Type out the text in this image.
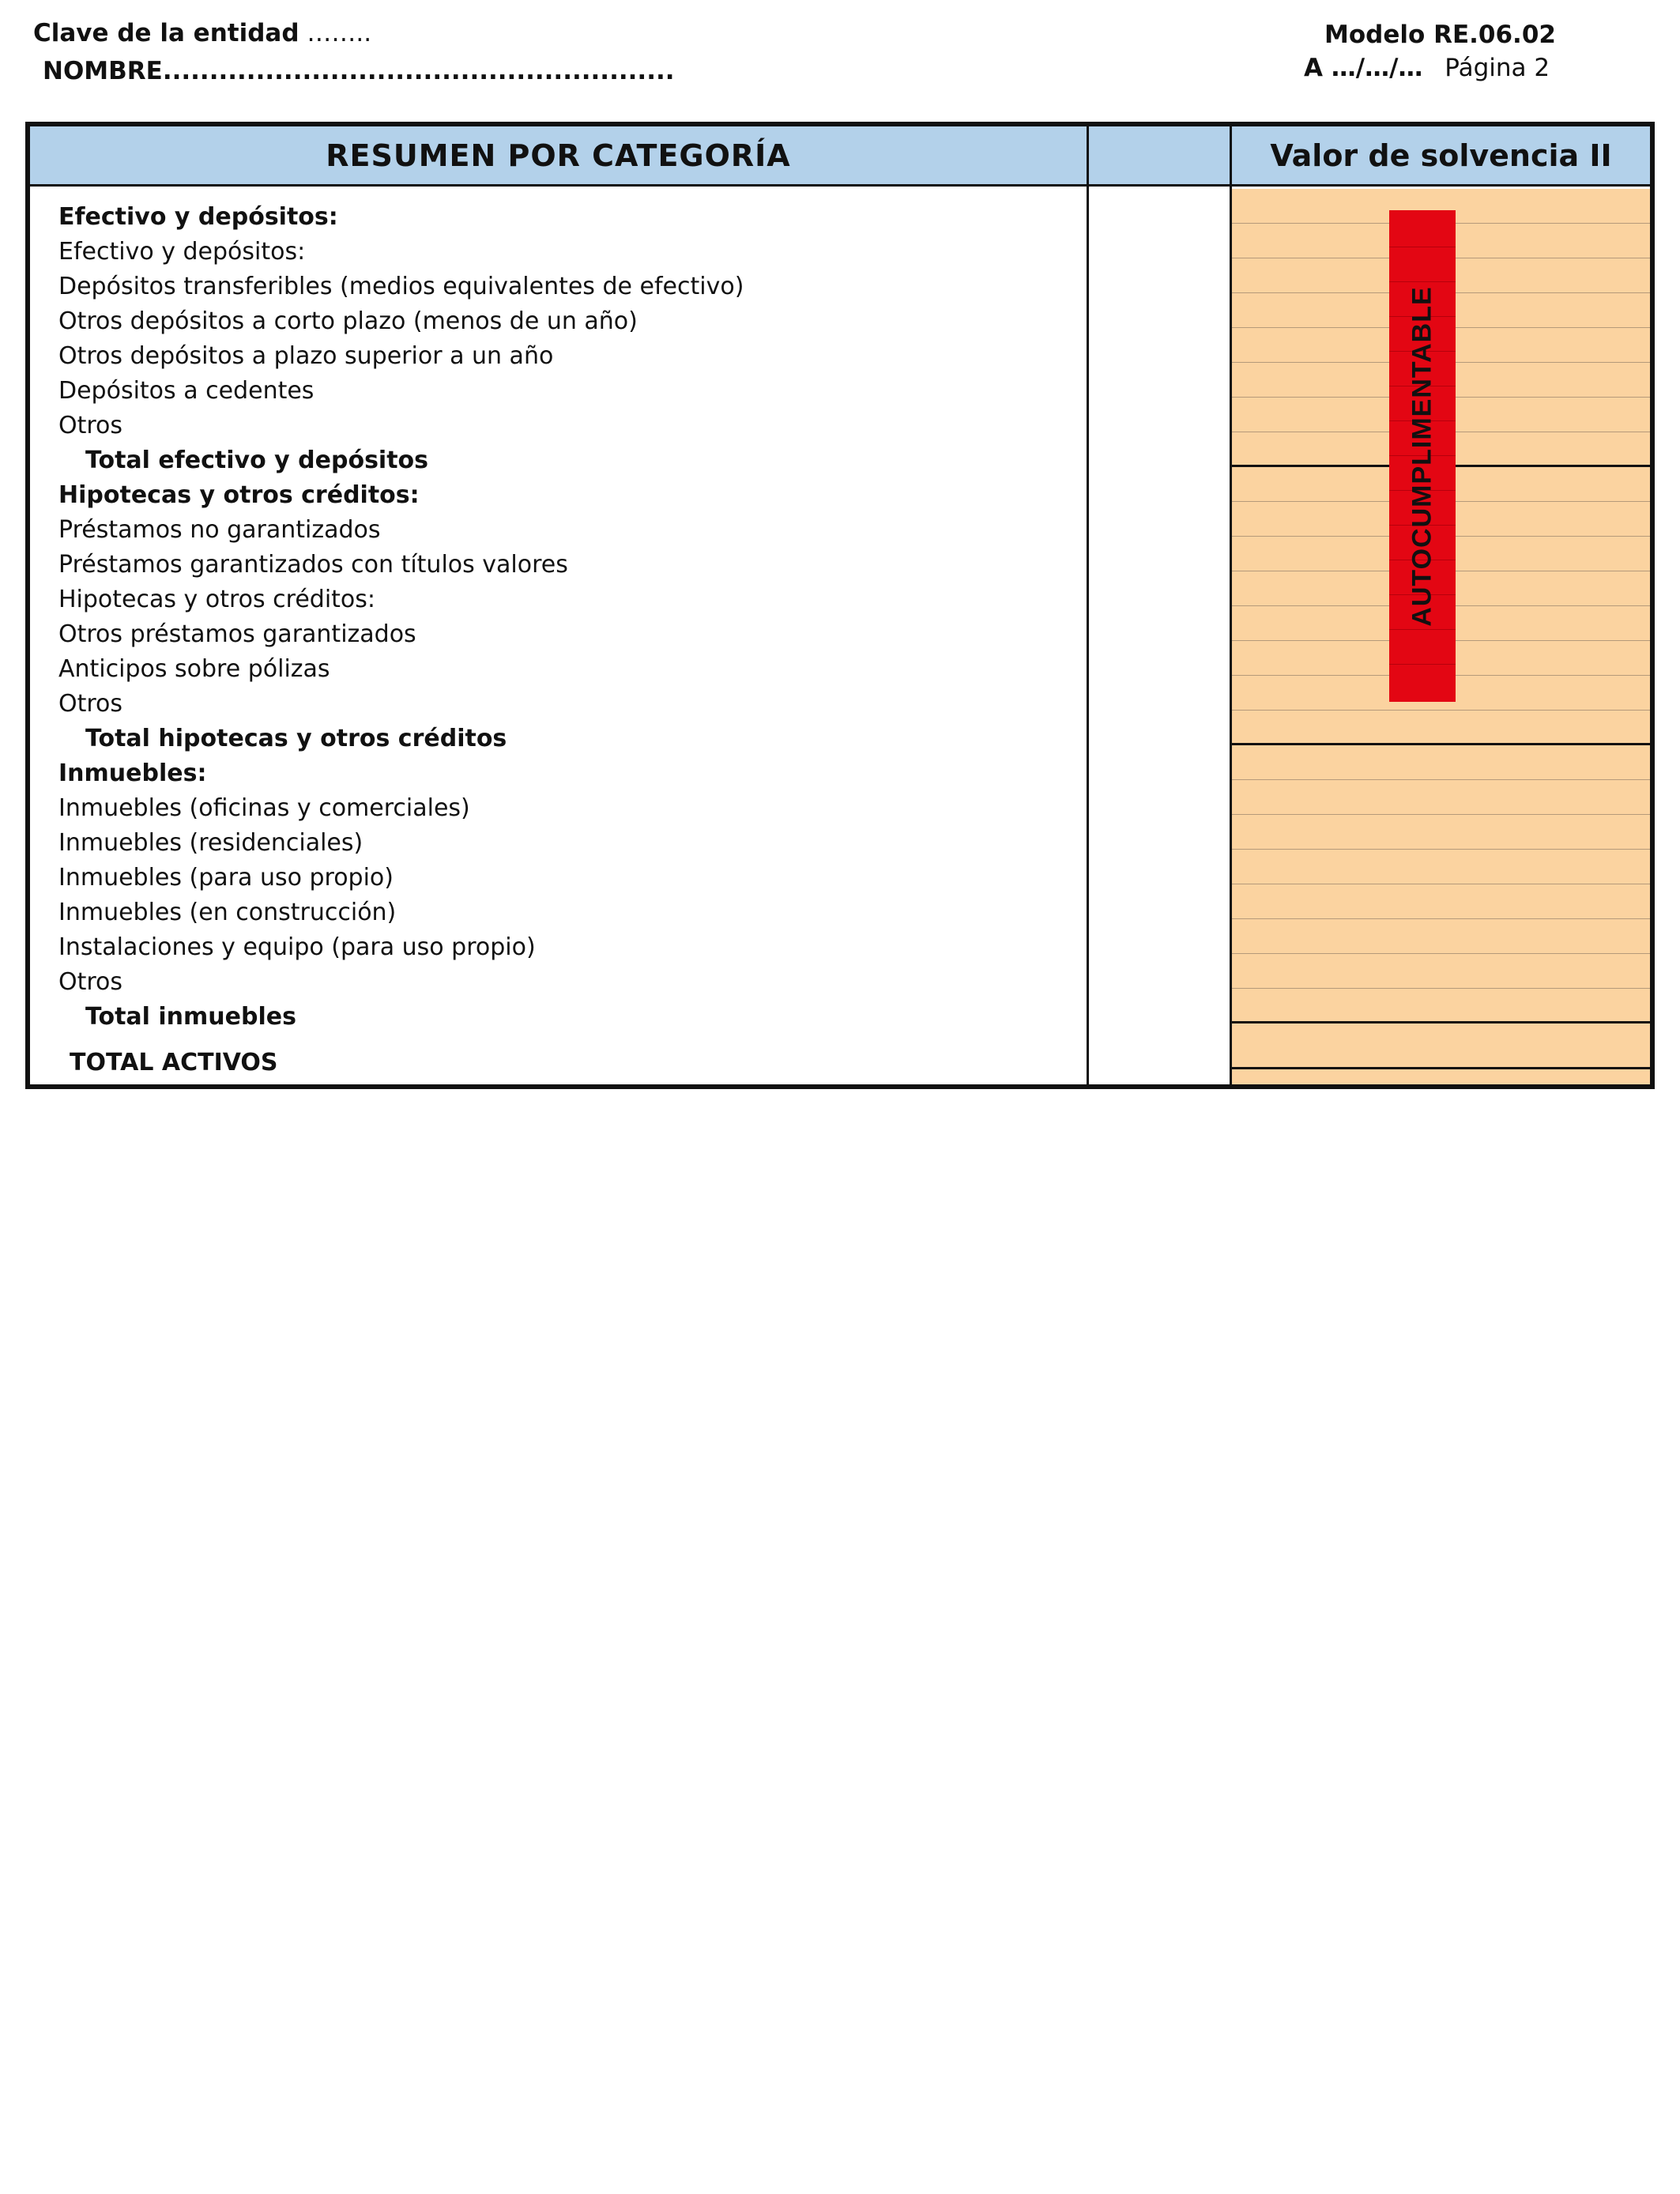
Clave de la entidad ……..
NOMBRE.......................................................
Modelo RE.06.02
A …/…/… Página 2
RESUMEN POR CATEGORÍA	Valor de solvencia II
Efectivo y depósitos:
Efectivo y depósitos:
Depósitos transferibles (medios equivalentes de efectivo)
Otros depósitos a corto plazo (menos de un año)
Otros depósitos a plazo superior a un año
Depósitos a cedentes
Otros
Total efectivo y depósitos
Hipotecas y otros créditos:
Préstamos no garantizados
Préstamos garantizados con títulos valores
Hipotecas y otros créditos:
Otros préstamos garantizados
Anticipos sobre pólizas
Otros
Total hipotecas y otros créditos
Inmuebles:
Inmuebles (oficinas y comerciales)
Inmuebles (residenciales)
Inmuebles (para uso propio)
Inmuebles (en construcción)
Instalaciones y equipo (para uso propio)
Otros
Total inmuebles
TOTAL ACTIVOS
AUTOCUMPLIMENTABLE
